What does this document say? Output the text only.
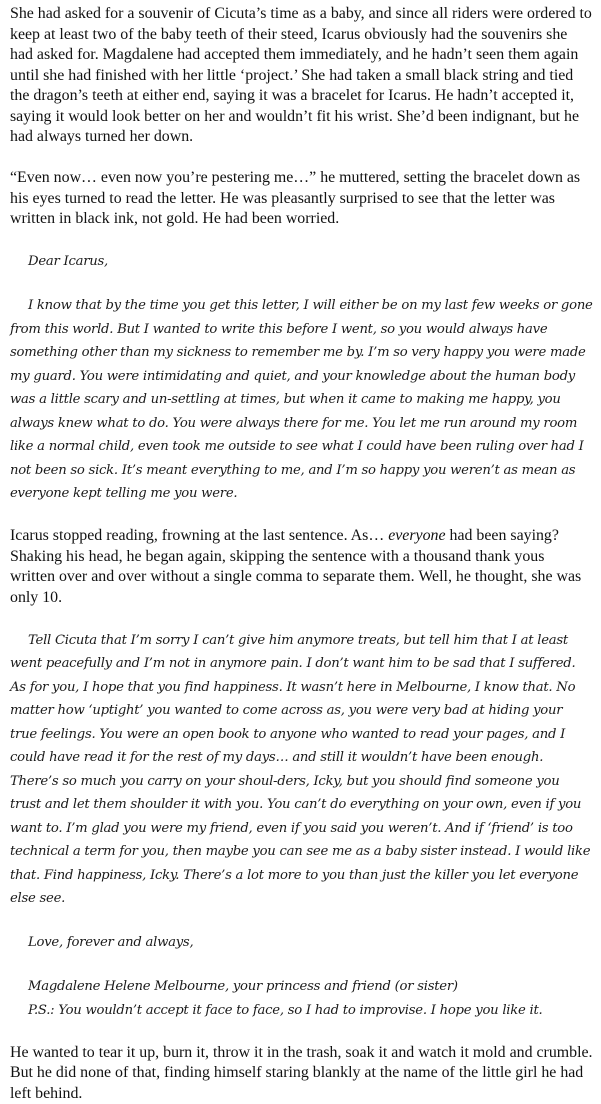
She had asked for a souvenir of Cicuta’s time as a baby, and since all riders were ordered to keep at least two of the baby teeth of their steed, Icarus obviously had the souvenirs she had asked for. Magdalene had accepted them immediately, and he hadn’t seen them again until she had finished with her little ‘project.’ She had taken a small black string and tied the dragon’s teeth at either end, saying it was a bracelet for Icarus. He hadn’t accepted it, saying it would look better on her and wouldn’t fit his wrist. She’d been indignant, but he had always turned her down.

“Even now… even now you’re pestering me…” he muttered, setting the bracelet down as his eyes turned to read the letter. He was pleasantly surprised to see that the letter was written in black ink, not gold. He had been worried.

Dear Icarus,

I know that by the time you get this letter, I will either be on my last few weeks or gone from this world. But I wanted to write this before I went, so you would always have something other than my sickness to remember me by. I’m so very happy you were made my guard. You were intimidating and quiet, and your knowledge about the human body was a little scary and un-settling at times, but when it came to making me happy, you always knew what to do. You were always there for me. You let me run around my room like a normal child, even took me outside to see what I could have been ruling over had I not been so sick. It’s meant everything to me, and I’m so happy you weren’t as mean as everyone kept telling me you were.

Icarus stopped reading, frowning at the last sentence. As… everyone had been saying? Shaking his head, he began again, skipping the sentence with a thousand thank yous written over and over without a single comma to separate them. Well, he thought, she was only 10.

Tell Cicuta that I’m sorry I can’t give him anymore treats, but tell him that I at least went peacefully and I’m not in anymore pain. I don’t want him to be sad that I suffered. As for you, I hope that you find happiness. It wasn’t here in Melbourne, I know that. No matter how ‘uptight’ you wanted to come across as, you were very bad at hiding your true feelings. You were an open book to anyone who wanted to read your pages, and I could have read it for the rest of my days… and still it wouldn’t have been enough. There’s so much you carry on your shoul-ders, Icky, but you should find someone you trust and let them shoulder it with you. You can’t do everything on your own, even if you want to. I’m glad you were my friend, even if you said you weren’t. And if ‘friend’ is too technical a term for you, then maybe you can see me as a baby sister instead. I would like that. Find happiness, Icky. There’s a lot more to you than just the killer you let everyone else see.

Love, forever and always,

Magdalene Helene Melbourne, your princess and friend (or sister)

P.S.: You wouldn’t accept it face to face, so I had to improvise. I hope you like it.

He wanted to tear it up, burn it, throw it in the trash, soak it and watch it mold and crumble. But he did none of that, finding himself staring blankly at the name of the little girl he had left behind.
